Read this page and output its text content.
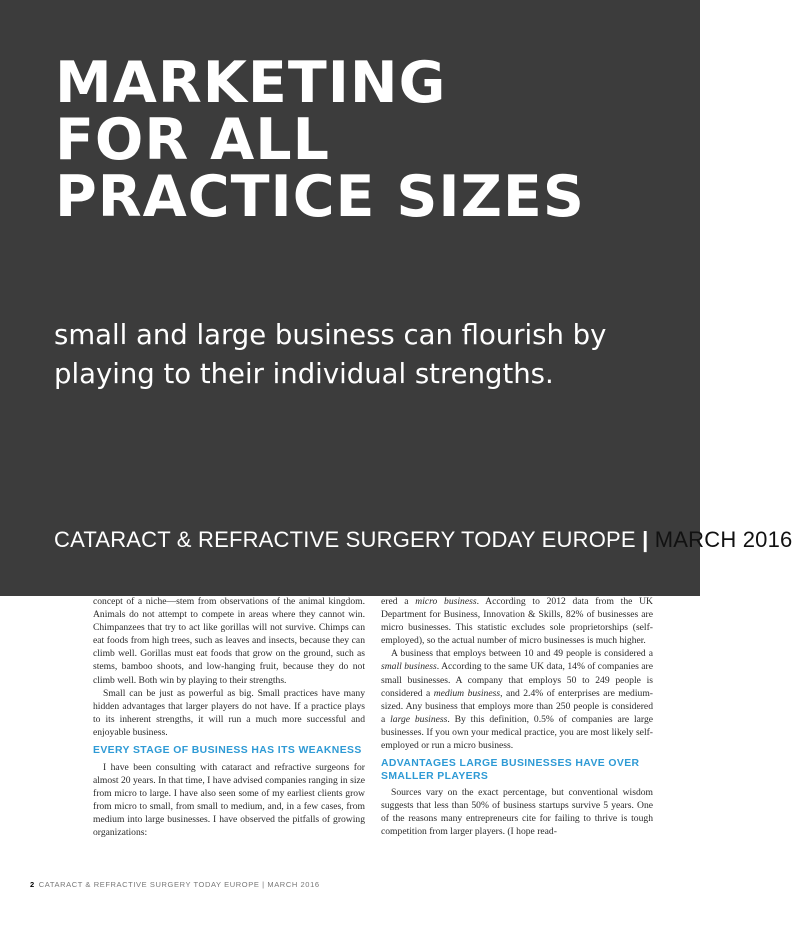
MARKETING
FOR ALL
PRACTICE SIZES

small and large business can flourish by playing to their individual strengths.

CATARACT & REFRACTIVE SURGERY TODAY EUROPE | MARCH 2016

concept of a niche—stem from observations of the animal kingdom. Animals do not attempt to compete in areas where they cannot win. Chimpanzees that try to act like gorillas will not survive. Chimps can eat foods from high trees, such as leaves and insects, because they can climb well. Gorillas must eat foods that grow on the ground, such as stems, bamboo shoots, and low-hanging fruit, because they do not climb well. Both win by playing to their strengths.

Small can be just as powerful as big. Small practices have many hidden advantages that larger players do not have. If a practice plays to its inherent strengths, it will run a much more successful and enjoyable business.

EVERY STAGE OF BUSINESS HAS ITS WEAKNESS

I have been consulting with cataract and refractive surgeons for almost 20 years. In that time, I have advised companies ranging in size from micro to large. I have also seen some of my earliest clients grow from micro to small, from small to medium, and, in a few cases, from medium into large businesses. I have observed the pitfalls of growing organizations:

ered a micro business. According to 2012 data from the UK Department for Business, Innovation & Skills, 82% of businesses are micro businesses. This statistic excludes sole proprietorships (self-employed), so the actual number of micro businesses is much higher.

A business that employs between 10 and 49 people is considered a small business. According to the same UK data, 14% of companies are small businesses. A company that employs 50 to 249 people is considered a medium business, and 2.4% of enterprises are medium-sized. Any business that employs more than 250 people is considered a large business. By this definition, 0.5% of companies are large businesses. If you own your medical practice, you are most likely self-employed or run a micro business.

ADVANTAGES LARGE BUSINESSES HAVE OVER SMALLER PLAYERS

Sources vary on the exact percentage, but conventional wisdom suggests that less than 50% of business startups survive 5 years. One of the reasons many entrepreneurs cite for failing to thrive is tough competition from larger players. (I hope read-

2 CATARACT & REFRACTIVE SURGERY TODAY EUROPE | MARCH 2016
